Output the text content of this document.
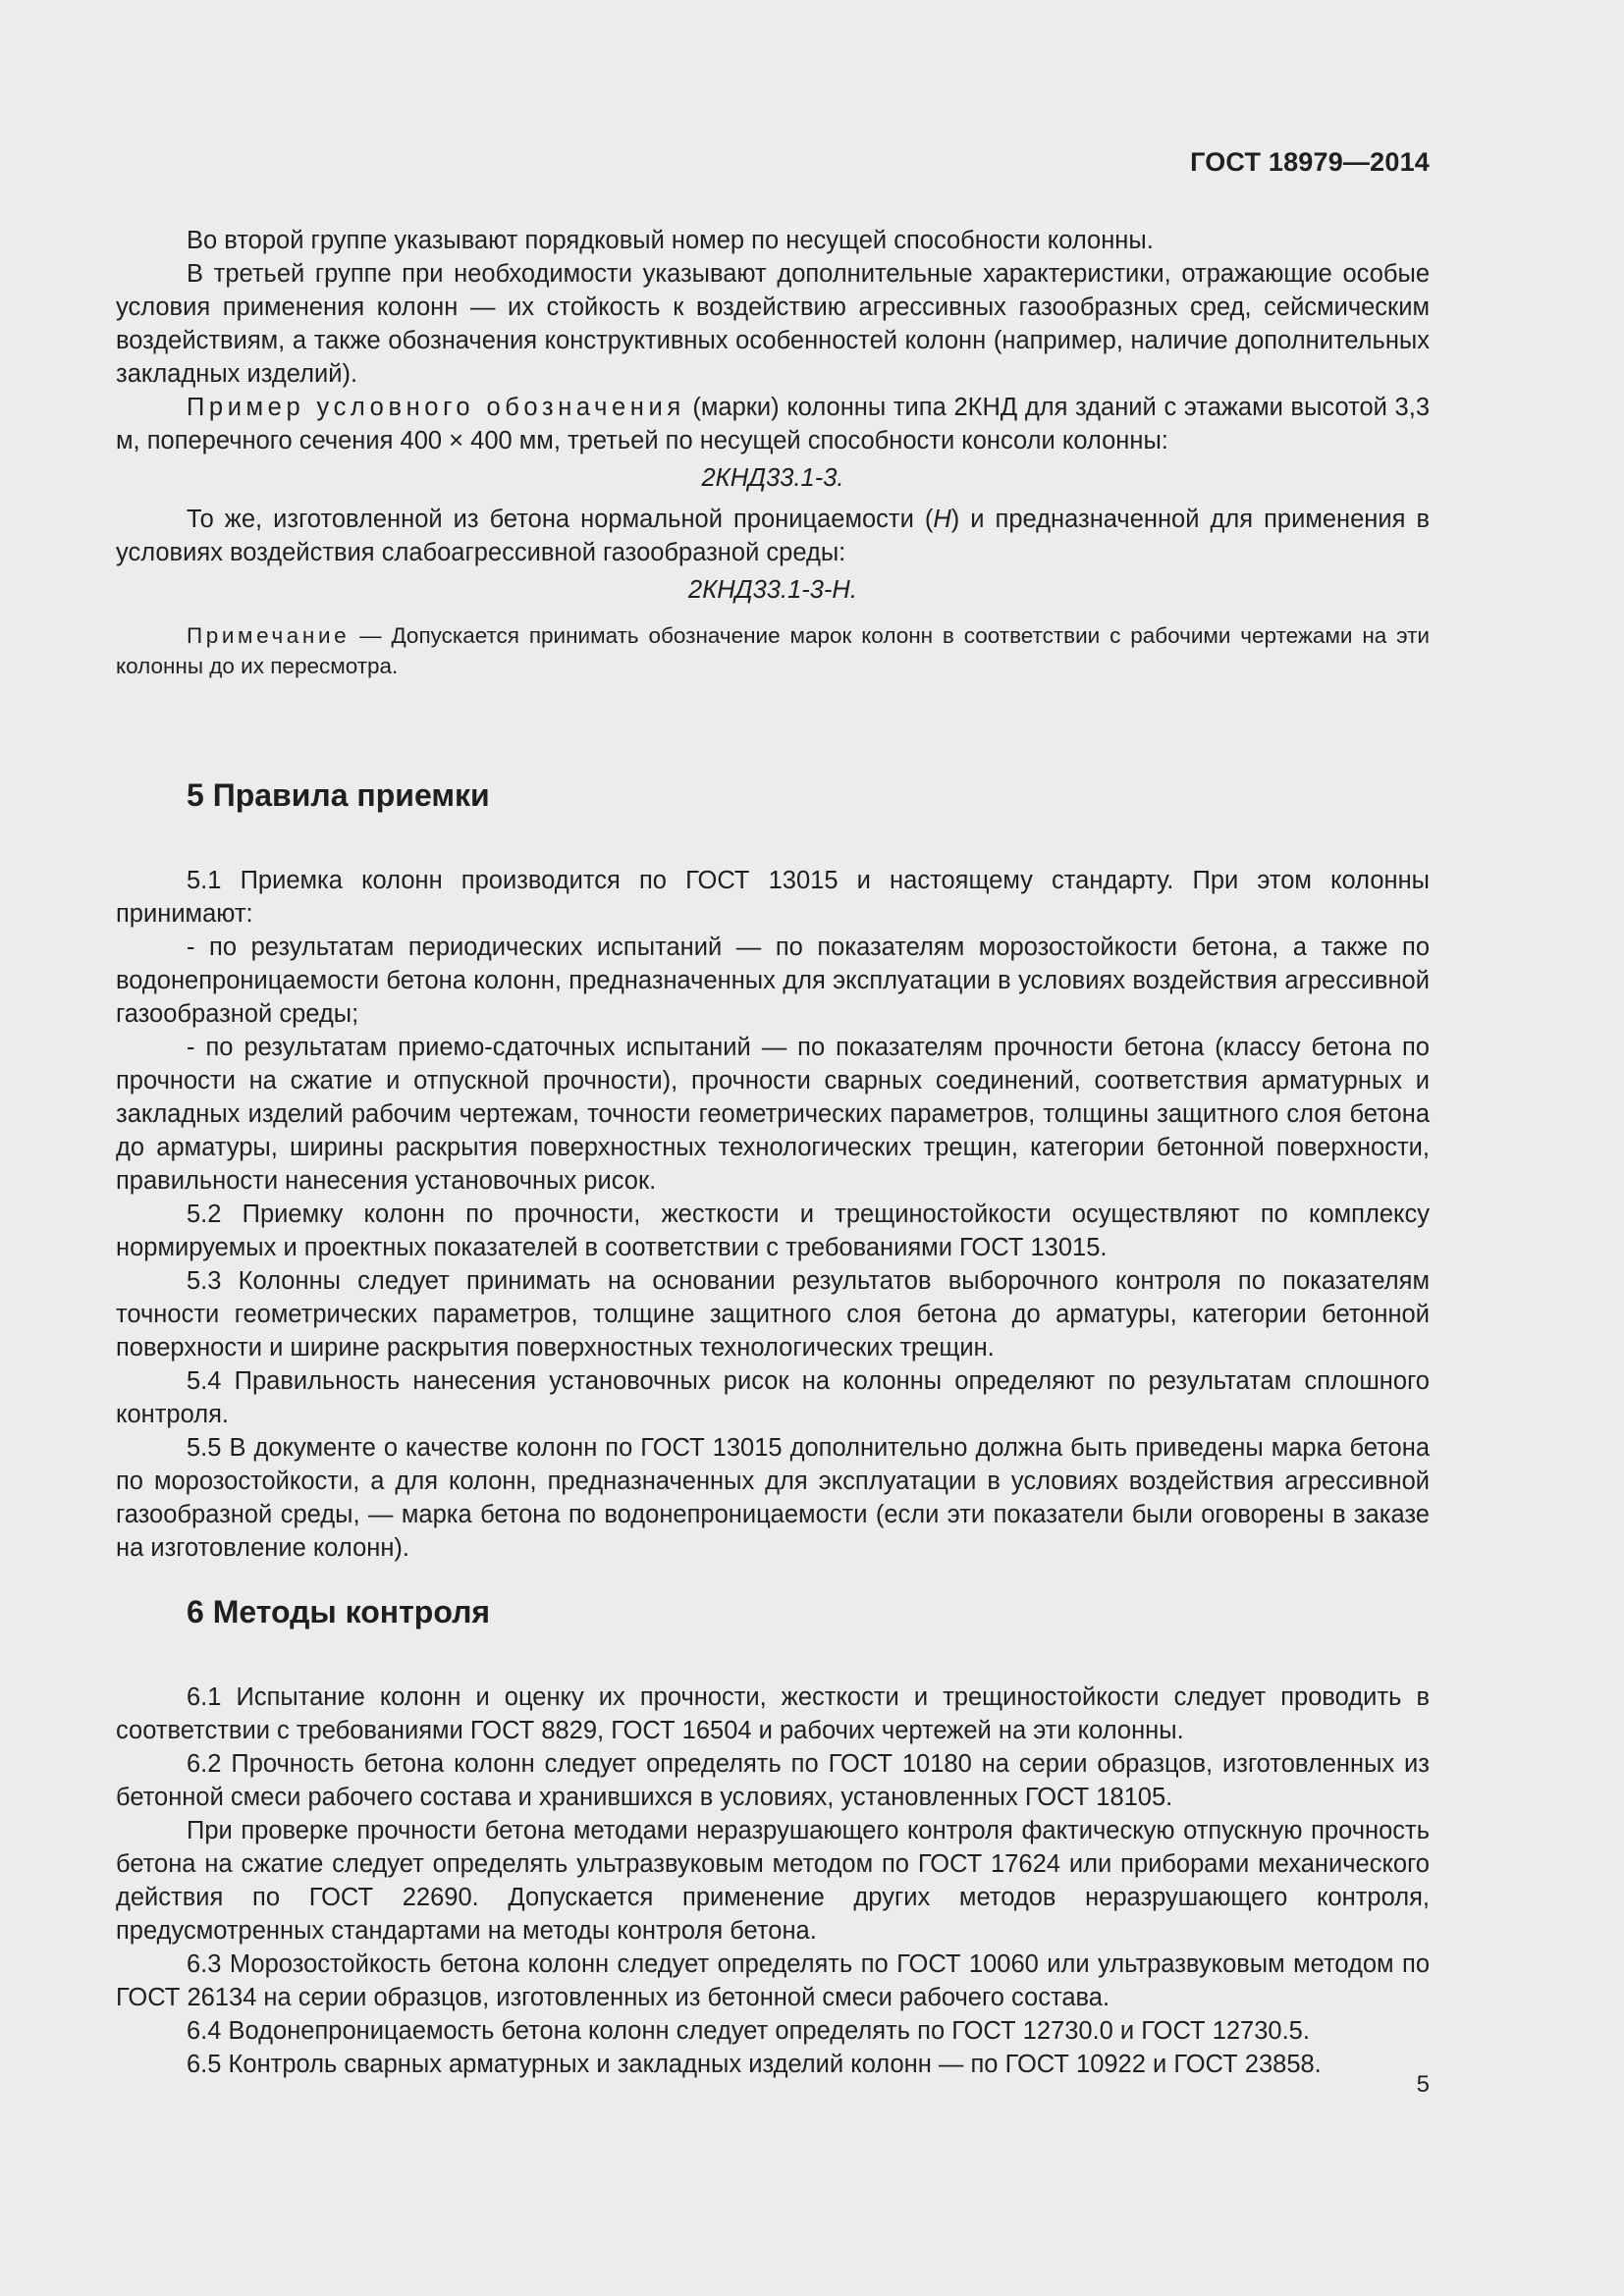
ГОСТ 18979—2014

Во второй группе указывают порядковый номер по несущей способности колонны.

В третьей группе при необходимости указывают дополнительные характеристики, отражающие особые условия применения колонн — их стойкость к воздействию агрессивных газообразных сред, сейсмическим воздействиям, а также обозначения конструктивных особенностей колонн (например, наличие дополнительных закладных изделий).

Пример условного обозначения (марки) колонны типа 2КНД для зданий с этажами высотой 3,3 м, поперечного сечения 400 × 400 мм, третьей по несущей способности консоли колонны:

2КНД33.1-3.

То же, изготовленной из бетона нормальной проницаемости (Н) и предназначенной для применения в условиях воздействия слабоагрессивной газообразной среды:

2КНД33.1-3-Н.

Примечание — Допускается принимать обозначение марок колонн в соответствии с рабочими чертежами на эти колонны до их пересмотра.

5 Правила приемки

5.1 Приемка колонн производится по ГОСТ 13015 и настоящему стандарту. При этом колонны принимают:

- по результатам периодических испытаний — по показателям морозостойкости бетона, а также по водонепроницаемости бетона колонн, предназначенных для эксплуатации в условиях воздействия агрессивной газообразной среды;

- по результатам приемо-сдаточных испытаний — по показателям прочности бетона (классу бетона по прочности на сжатие и отпускной прочности), прочности сварных соединений, соответствия арматурных и закладных изделий рабочим чертежам, точности геометрических параметров, толщины защитного слоя бетона до арматуры, ширины раскрытия поверхностных технологических трещин, категории бетонной поверхности, правильности нанесения установочных рисок.

5.2 Приемку колонн по прочности, жесткости и трещиностойкости осуществляют по комплексу нормируемых и проектных показателей в соответствии с требованиями ГОСТ 13015.

5.3 Колонны следует принимать на основании результатов выборочного контроля по показателям точности геометрических параметров, толщине защитного слоя бетона до арматуры, категории бетонной поверхности и ширине раскрытия поверхностных технологических трещин.

5.4 Правильность нанесения установочных рисок на колонны определяют по результатам сплошного контроля.

5.5 В документе о качестве колонн по ГОСТ 13015 дополнительно должна быть приведены марка бетона по морозостойкости, а для колонн, предназначенных для эксплуатации в условиях воздействия агрессивной газообразной среды, — марка бетона по водонепроницаемости (если эти показатели были оговорены в заказе на изготовление колонн).

6 Методы контроля

6.1 Испытание колонн и оценку их прочности, жесткости и трещиностойкости следует проводить в соответствии с требованиями ГОСТ 8829, ГОСТ 16504 и рабочих чертежей на эти колонны.

6.2 Прочность бетона колонн следует определять по ГОСТ 10180 на серии образцов, изготовленных из бетонной смеси рабочего состава и хранившихся в условиях, установленных ГОСТ 18105.

При проверке прочности бетона методами неразрушающего контроля фактическую отпускную прочность бетона на сжатие следует определять ультразвуковым методом по ГОСТ 17624 или приборами механического действия по ГОСТ 22690. Допускается применение других методов неразрушающего контроля, предусмотренных стандартами на методы контроля бетона.

6.3 Морозостойкость бетона колонн следует определять по ГОСТ 10060 или ультразвуковым методом по ГОСТ 26134 на серии образцов, изготовленных из бетонной смеси рабочего состава.

6.4 Водонепроницаемость бетона колонн следует определять по ГОСТ 12730.0 и ГОСТ 12730.5.

6.5 Контроль сварных арматурных и закладных изделий колонн — по ГОСТ 10922 и ГОСТ 23858.

5
